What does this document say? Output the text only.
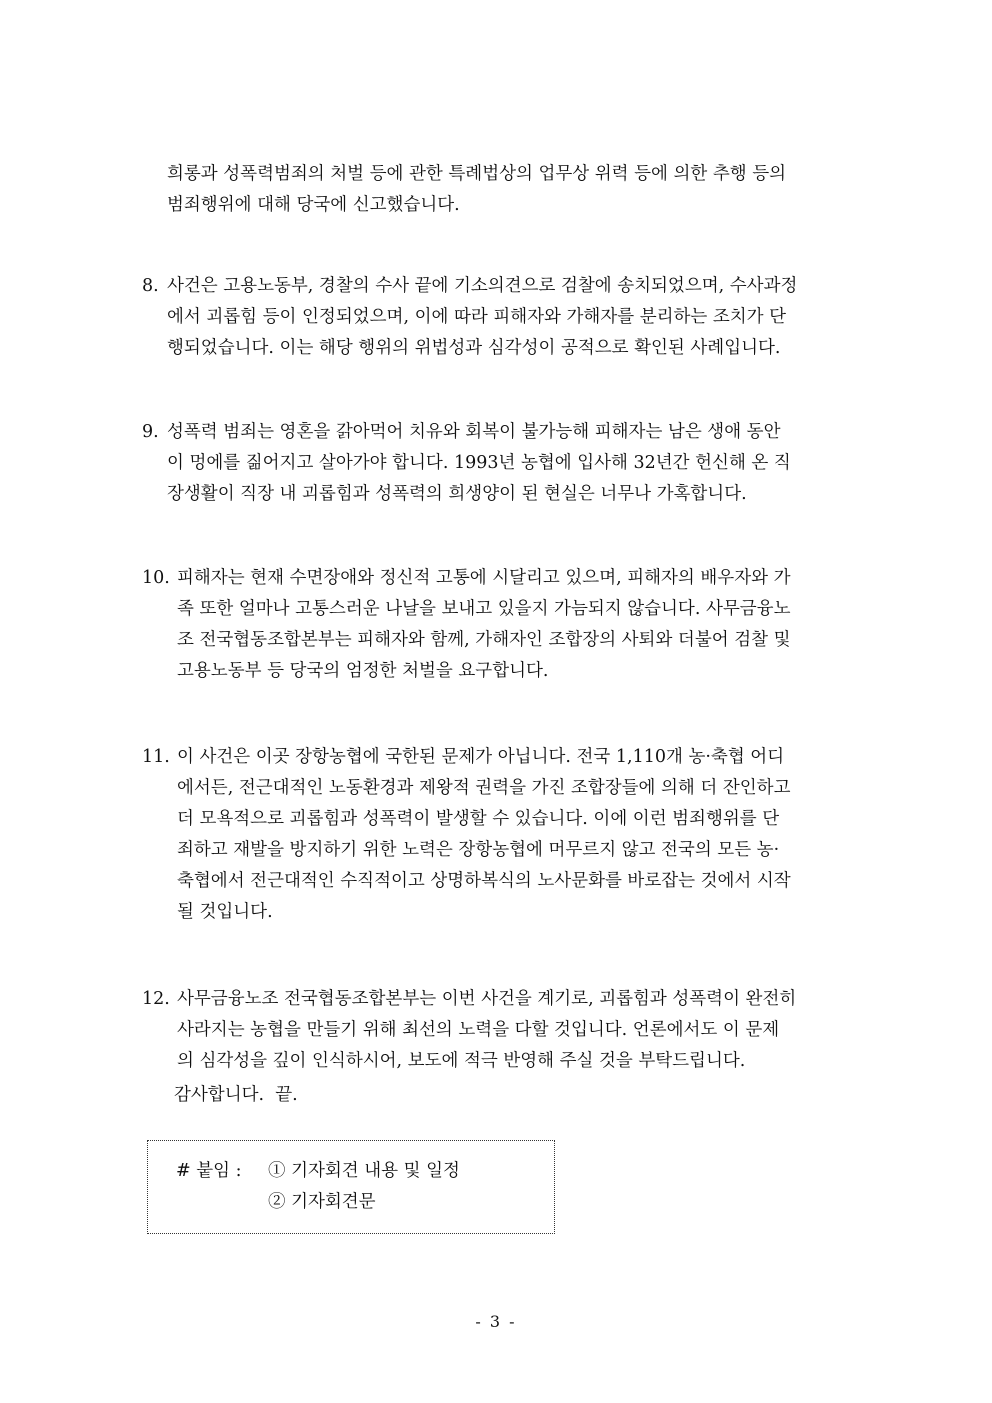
희롱과 성폭력범죄의 처벌 등에 관한 특례법상의 업무상 위력 등에 의한 추행 등의
범죄행위에 대해 당국에 신고했습니다.
8. 사건은 고용노동부, 경찰의 수사 끝에 기소의견으로 검찰에 송치되었으며, 수사과정
에서 괴롭힘 등이 인정되었으며, 이에 따라 피해자와 가해자를 분리하는 조치가 단
행되었습니다. 이는 해당 행위의 위법성과 심각성이 공적으로 확인된 사례입니다.
9. 성폭력 범죄는 영혼을 갉아먹어 치유와 회복이 불가능해 피해자는 남은 생애 동안
이 멍에를 짊어지고 살아가야 합니다. 1993년 농협에 입사해 32년간 헌신해 온 직
장생활이 직장 내 괴롭힘과 성폭력의 희생양이 된 현실은 너무나 가혹합니다.
10. 피해자는 현재 수면장애와 정신적 고통에 시달리고 있으며, 피해자의 배우자와 가
족 또한 얼마나 고통스러운 나날을 보내고 있을지 가늠되지 않습니다. 사무금융노
조 전국협동조합본부는 피해자와 함께, 가해자인 조합장의 사퇴와 더불어 검찰 및
고용노동부 등 당국의 엄정한 처벌을 요구합니다.
11. 이 사건은 이곳 장항농협에 국한된 문제가 아닙니다. 전국 1,110개 농·축협 어디
에서든, 전근대적인 노동환경과 제왕적 권력을 가진 조합장들에 의해 더 잔인하고
더 모욕적으로 괴롭힘과 성폭력이 발생할 수 있습니다. 이에 이런 범죄행위를 단
죄하고 재발을 방지하기 위한 노력은 장항농협에 머무르지 않고 전국의 모든 농·
축협에서 전근대적인 수직적이고 상명하복식의 노사문화를 바로잡는 것에서 시작
될 것입니다.
12. 사무금융노조 전국협동조합본부는 이번 사건을 계기로, 괴롭힘과 성폭력이 완전히
사라지는 농협을 만들기 위해 최선의 노력을 다할 것입니다. 언론에서도 이 문제
의 심각성을 깊이 인식하시어, 보도에 적극 반영해 주실 것을 부탁드립니다.
감사합니다.  끝.
# 붙임 : ① 기자회견 내용 및 일정
② 기자회견문
- 3 -
